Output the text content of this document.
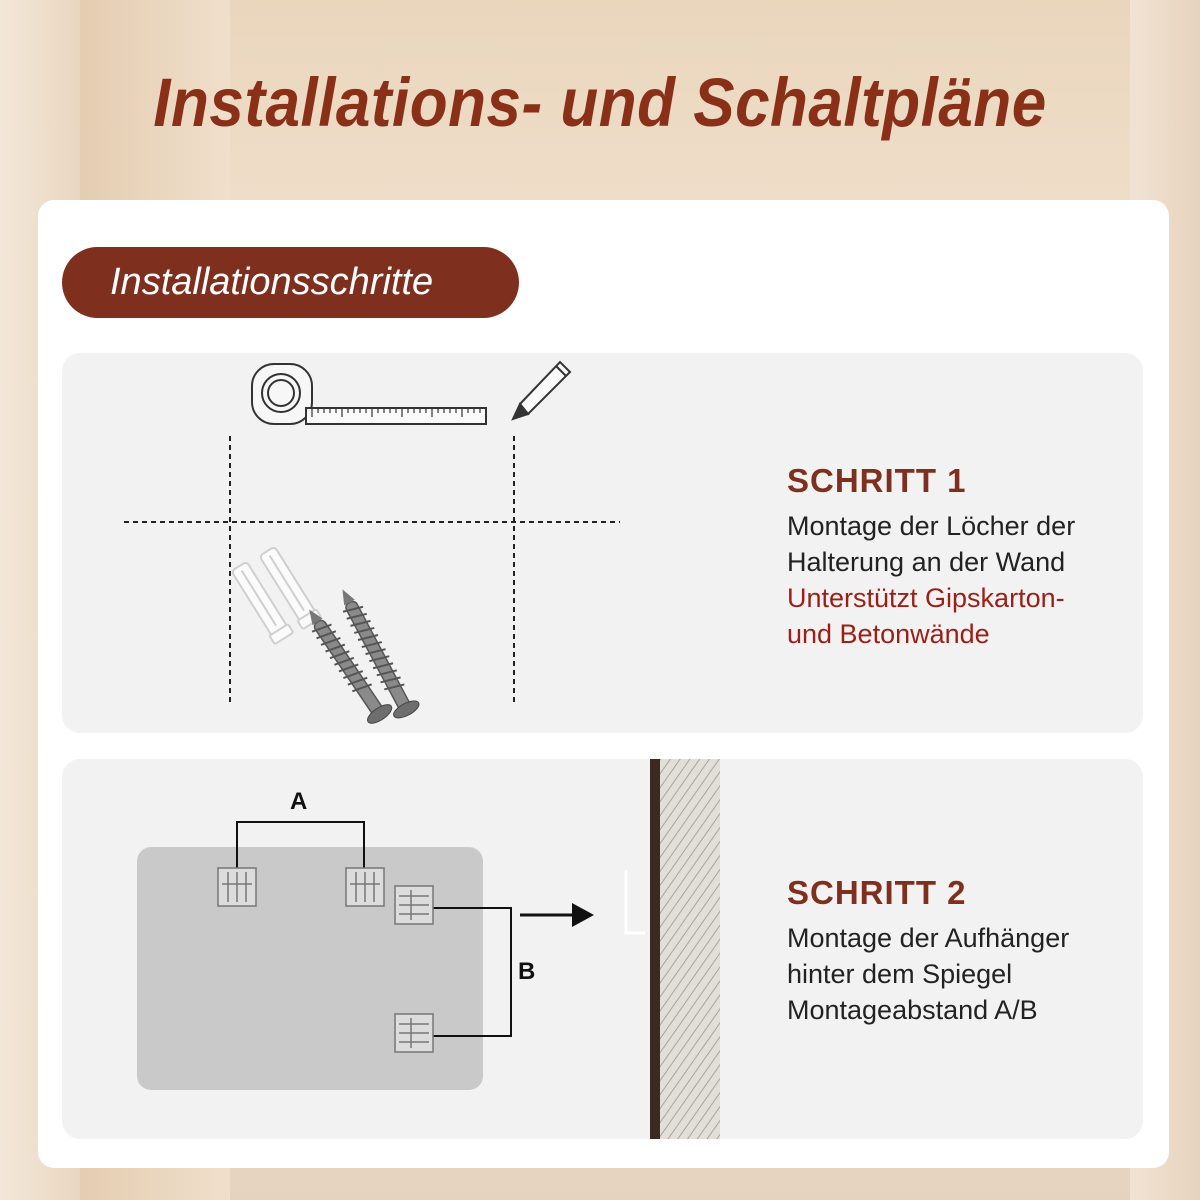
Installations- und Schaltpläne
Installationsschritte
SCHRITT 1
Montage der Löcher der
Halterung an der Wand
Unterstützt Gipskarton-
und Betonwände
A
B
SCHRITT 2
Montage der Aufhänger
hinter dem Spiegel
Montageabstand A/B
